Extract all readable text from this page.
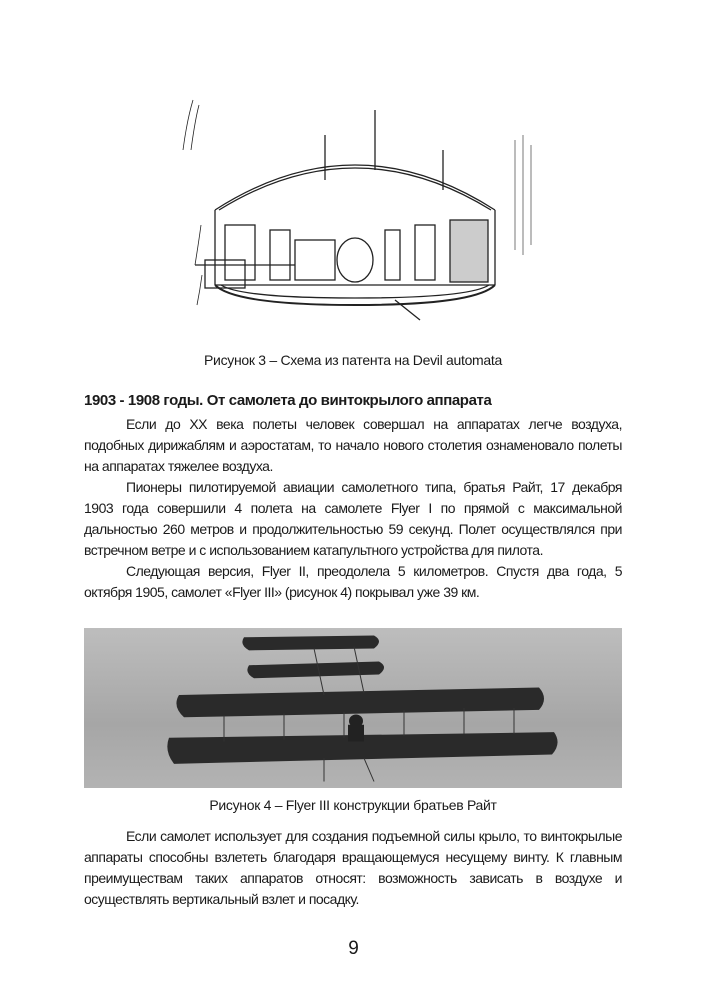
Рисунок 3 – Схема из патента на Devil automata
1903 - 1908 годы. От самолета до винтокрылого аппарата

Если до XX века полеты человек совершал на аппаратах легче воздуха, подобных дирижаблям и аэростатам, то начало нового столетия ознаменовало полеты на аппаратах тяжелее воздуха.

Пионеры пилотируемой авиации самолетного типа, братья Райт, 17 декабря 1903 года совершили 4 полета на самолете Flyer I по прямой с максимальной дальностью 260 метров и продолжительностью 59 секунд. Полет осуществлялся при встречном ветре и с использованием катапультного устройства для пилота.

Следующая версия, Flyer II, преодолела 5 километров. Спустя два года, 5 октября 1905, самолет «Flyer III» (рисунок 4) покрывал уже 39 км.

Рисунок 4 – Flyer III конструкции братьев Райт

Если самолет использует для создания подъемной силы крыло, то винтокрылые аппараты способны взлететь благодаря вращающемуся несущему винту. К главным преимуществам таких аппаратов относят: возможность зависать в воздухе и осуществлять вертикальный взлет и посадку.

9
